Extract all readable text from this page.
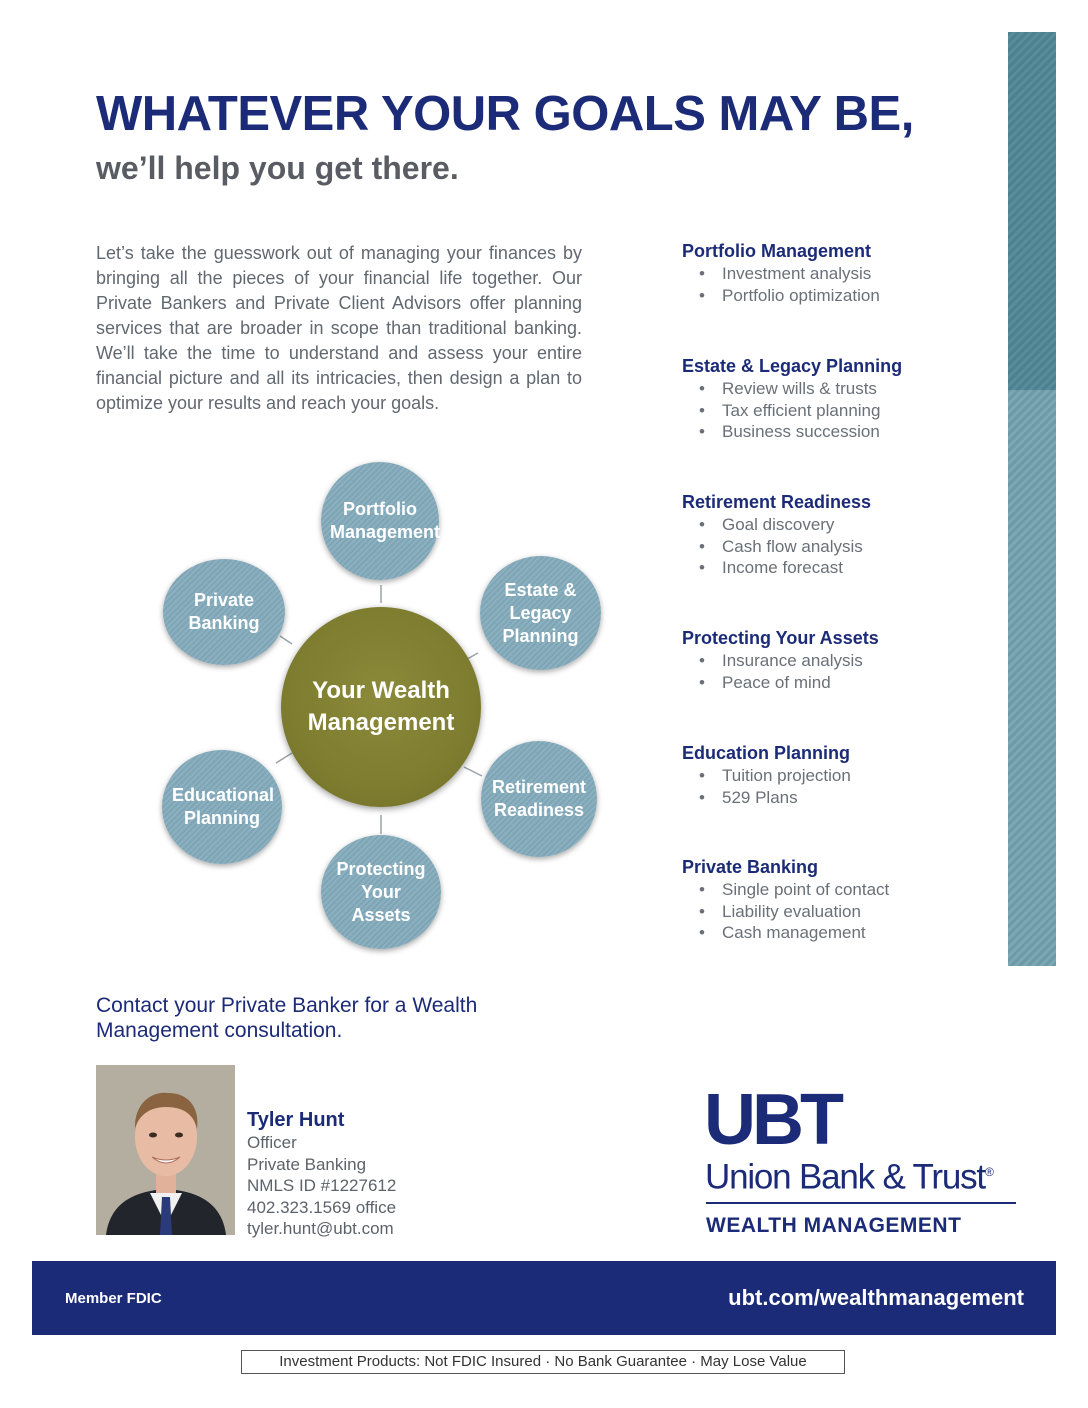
WHATEVER YOUR GOALS MAY BE,
we’ll help you get there.

Let’s take the guesswork out of managing your finances by bringing all the pieces of your financial life together. Our Private Bankers and Private Client Advisors offer planning services that are broader in scope than traditional banking. We’ll take the time to understand and assess your entire financial picture and all its intricacies, then design a plan to optimize your results and reach your goals.

Portfolio Management
• Investment analysis
• Portfolio optimization
Estate & Legacy Planning
• Review wills & trusts
• Tax efficient planning
• Business succession
Retirement Readiness
• Goal discovery
• Cash flow analysis
• Income forecast
Protecting Your Assets
• Insurance analysis
• Peace of mind
Education Planning
• Tuition projection
• 529 Plans
Private Banking
• Single point of contact
• Liability evaluation
• Cash management
Portfolio Management
Private Banking
Estate & Legacy Planning
Your Wealth Management
Educational Planning
Retirement Readiness
Protecting Your Assets

Contact your Private Banker for a Wealth Management consultation.

Tyler Hunt
Officer
Private Banking
NMLS ID #1227612
402.323.1569 office
tyler.hunt@ubt.com
UBT
Union Bank & Trust®
WEALTH MANAGEMENT
Member FDIC	ubt.com/wealthmanagement
Investment Products: Not FDIC Insured · No Bank Guarantee · May Lose Value
